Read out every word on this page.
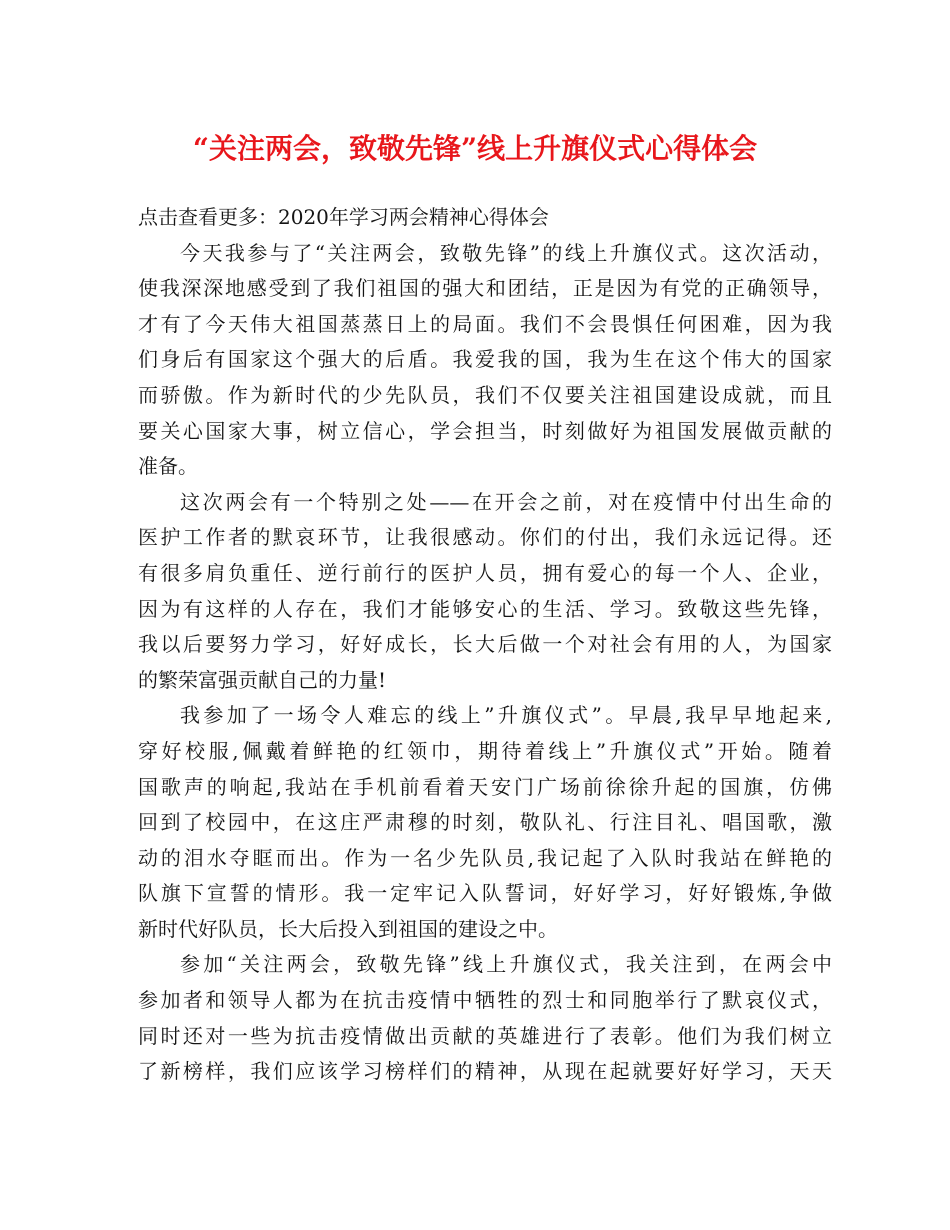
“关注两会，致敬先锋”线上升旗仪式心得体会
点击查看更多：2020年学习两会精神心得体会
今天我参与了“关注两会，致敬先锋”的线上升旗仪式。这次活动，
使我深深地感受到了我们祖国的强大和团结，正是因为有党的正确领导，
才有了今天伟大祖国蒸蒸日上的局面。我们不会畏惧任何困难，因为我
们身后有国家这个强大的后盾。我爱我的国，我为生在这个伟大的国家
而骄傲。作为新时代的少先队员，我们不仅要关注祖国建设成就，而且
要关心国家大事，树立信心，学会担当，时刻做好为祖国发展做贡献的
准备。
这次两会有一个特别之处——在开会之前，对在疫情中付出生命的
医护工作者的默哀环节，让我很感动。你们的付出，我们永远记得。还
有很多肩负重任、逆行前行的医护人员，拥有爱心的每一个人、企业，
因为有这样的人存在，我们才能够安心的生活、学习。致敬这些先锋，
我以后要努力学习，好好成长，长大后做一个对社会有用的人，为国家
的繁荣富强贡献自己的力量!
我参加了一场令人难忘的线上”升旗仪式”。早晨,我早早地起来,
穿好校服,佩戴着鲜艳的红领巾，期待着线上”升旗仪式”开始。随着
国歌声的响起,我站在手机前看着天安门广场前徐徐升起的国旗，仿佛
回到了校园中，在这庄严肃穆的时刻，敬队礼、行注目礼、唱国歌，激
动的泪水夺眶而出。作为一名少先队员,我记起了入队时我站在鲜艳的
队旗下宣誓的情形。我一定牢记入队誓词，好好学习，好好锻炼,争做
新时代好队员，长大后投入到祖国的建设之中。
参加“关注两会，致敬先锋”线上升旗仪式，我关注到，在两会中
参加者和领导人都为在抗击疫情中牺牲的烈士和同胞举行了默哀仪式，
同时还对一些为抗击疫情做出贡献的英雄进行了表彰。他们为我们树立
了新榜样，我们应该学习榜样们的精神，从现在起就要好好学习，天天
